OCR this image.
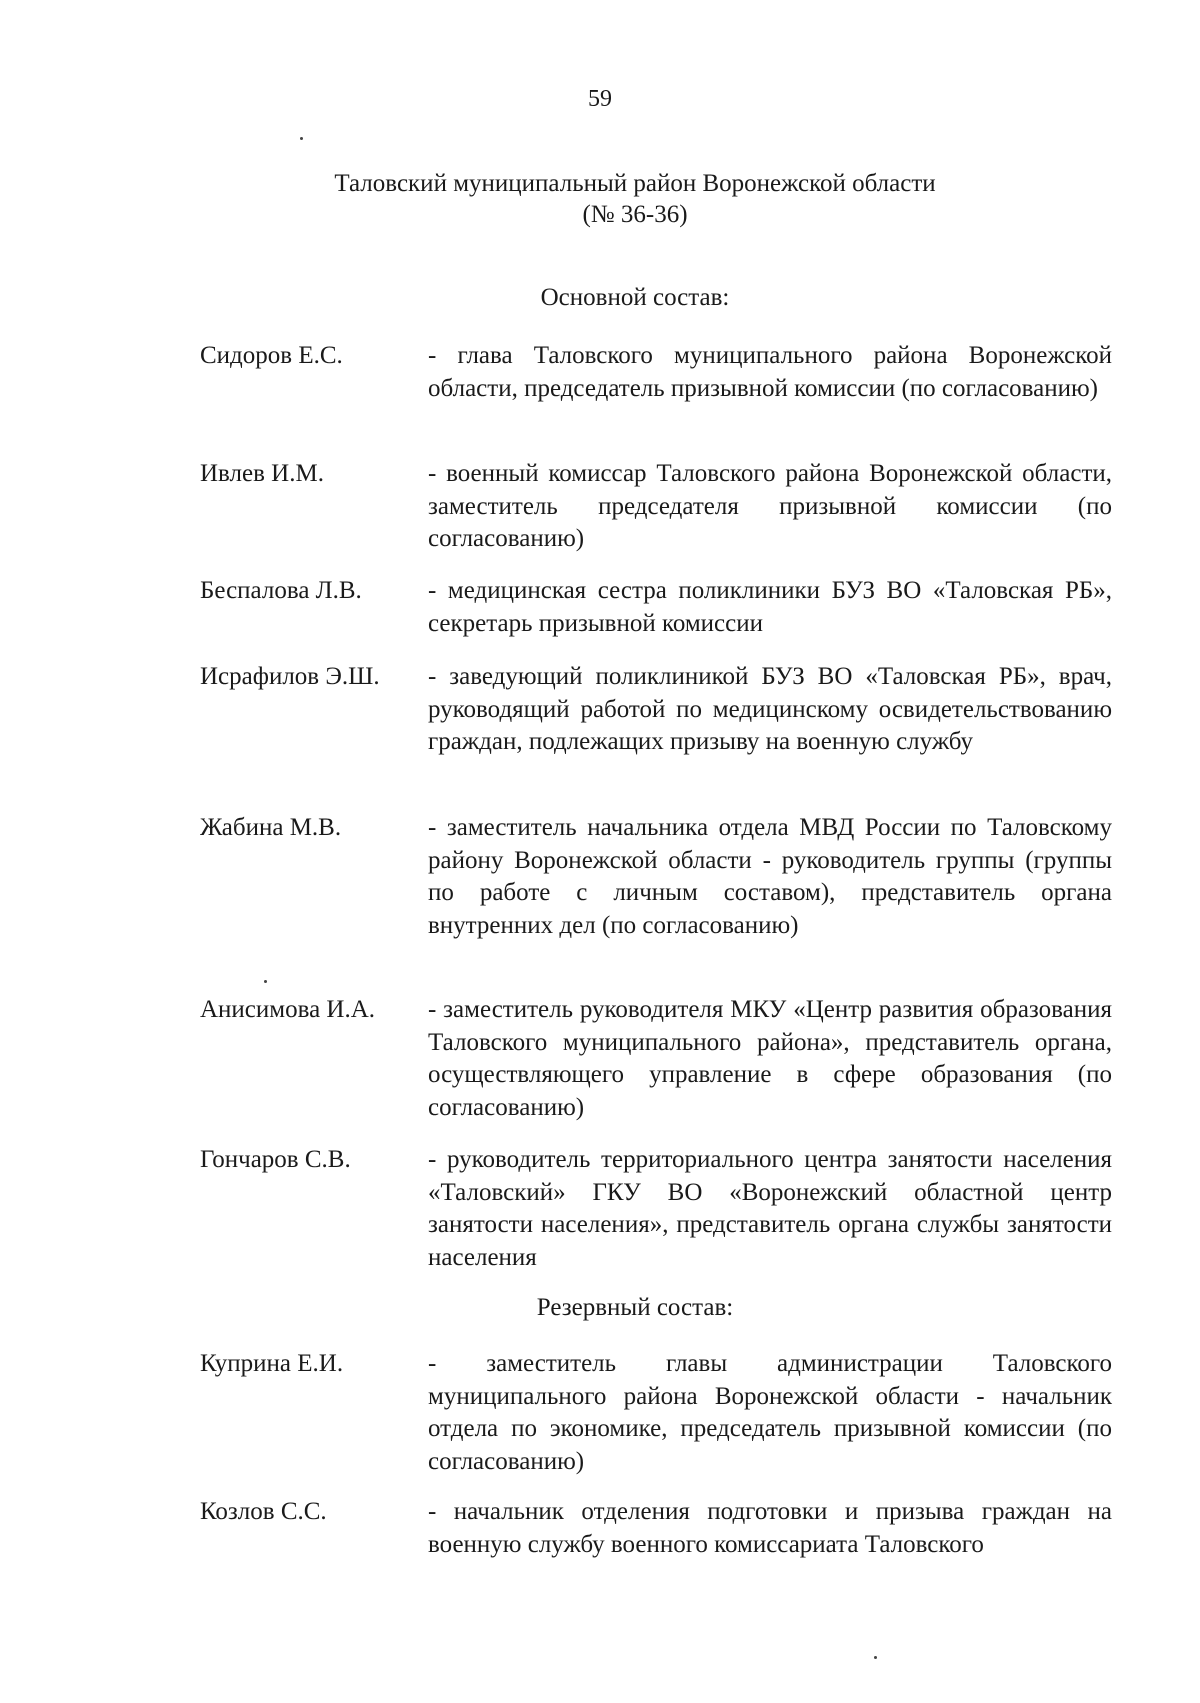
59
Таловский муниципальный район Воронежской области
(№ 36-36)
Основной состав:
Сидоров Е.С.	- глава Таловского муниципального района Воронежской области, председатель призывной комиссии (по согласованию)
Ивлев И.М.	- военный комиссар Таловского района Воронежской области, заместитель председателя призывной комиссии (по согласованию)
Беспалова Л.В.	- медицинская сестра поликлиники БУЗ ВО «Таловская РБ», секретарь призывной комиссии
Исрафилов Э.Ш. - заведующий поликлиникой БУЗ ВО «Таловская РБ», врач, руководящий работой по медицинскому освидетельствованию граждан, подлежащих призыву на военную службу
Жабина М.В.	- заместитель начальника отдела МВД России по Таловскому району Воронежской области - руководитель группы (группы по работе с личным составом), представитель органа внутренних дел (по согласованию)
Анисимова И.А. - заместитель руководителя МКУ «Центр развития образования Таловского муниципального района», представитель органа, осуществляющего управление в сфере образования (по согласованию)
Гончаров С.В.	- руководитель территориального центра занятости населения «Таловский» ГКУ ВО «Воронежский областной центр занятости населения», представитель органа службы занятости населения
Резервный состав:
Куприна Е.И.	- заместитель главы администрации Таловского муниципального района Воронежской области - начальник отдела по экономике, председатель призывной комиссии (по согласованию)
Козлов С.С.	- начальник отделения подготовки и призыва граждан на военную службу военного комиссариата Таловского
